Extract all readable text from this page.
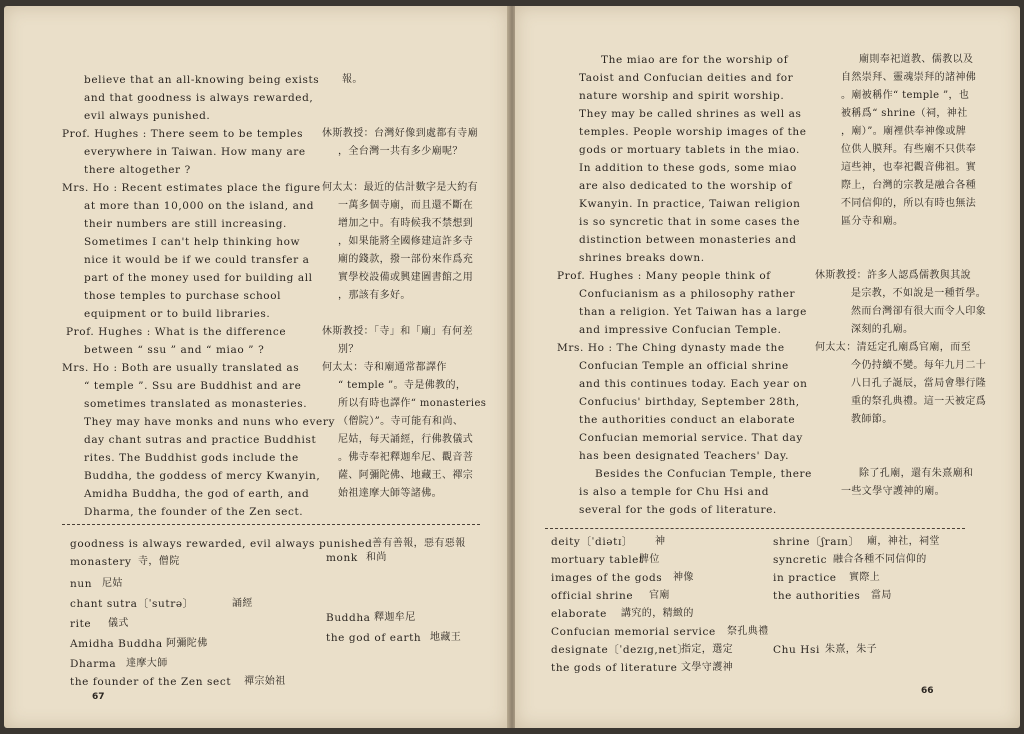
believe that an all-knowing being exists
and that goodness is always rewarded,
evil always punished.
Prof. Hughes : There seem to be temples
everywhere in Taiwan. How many are
there altogether ?
Mrs. Ho : Recent estimates place the figure
at more than 10,000 on the island, and
their numbers are still increasing.
Sometimes I can't help thinking how
nice it would be if we could transfer a
part of the money used for building all
those temples to purchase school
equipment or to build libraries.
Prof. Hughes : What is the difference
between “ ssu ” and “ miao ” ?
Mrs. Ho : Both are usually translated as
“ temple ”. Ssu are Buddhist and are
sometimes translated as monasteries.
They may have monks and nuns who every
day chant sutras and practice Buddhist
rites. The Buddhist gods include the
Buddha, the goddess of mercy Kwanyin,
Amidha Buddha, the god of earth, and
Dharma, the founder of the Zen sect.
報。
休斯教授：台灣好像到處都有寺廟
，全台灣一共有多少廟呢？
何太太：最近的估計數字是大約有
一萬多個寺廟，而且還不斷在
增加之中。有時候我不禁想到
，如果能將全國修建這許多寺
廟的錢款，撥一部份來作爲充
實學校設備或興建圖書館之用
，那該有多好。
休斯教授：「寺」和「廟」有何差
別？
何太太：寺和廟通常都譯作
“ temple ”。寺是佛教的，
所以有時也譯作“ monasteries
（僧院）”。寺可能有和尚、
尼姑，每天誦經，行佛教儀式
。佛寺奉祀釋迦牟尼、觀音菩
薩、阿彌陀佛、地藏王、禪宗
始祖達摩大師等諸佛。
goodness is always rewarded, evil always punished 善有善報，惡有惡報
monastery 寺，僧院
nun 尼姑
chant sutra〔ˈsutrə〕	誦經
rite 儀式
Amidha Buddha 阿彌陀佛
Dharma 達摩大師
the founder of the Zen sect 禪宗始祖
monk 和尚
Buddha 釋迦牟尼
the god of earth 地藏王
67
The miao are for the worship of
Taoist and Confucian deities and for
nature worship and spirit worship.
They may be called shrines as well as
temples. People worship images of the
gods or mortuary tablets in the miao.
In addition to these gods, some miao
are also dedicated to the worship of
Kwanyin. In practice, Taiwan religion
is so syncretic that in some cases the
distinction between monasteries and
shrines breaks down.
Prof. Hughes : Many people think of
Confucianism as a philosophy rather
than a religion. Yet Taiwan has a large
and impressive Confucian Temple.
Mrs. Ho : The Ching dynasty made the
Confucian Temple an official shrine
and this continues today. Each year on
Confucius' birthday, September 28th,
the authorities conduct an elaborate
Confucian memorial service. That day
has been designated Teachers' Day.
Besides the Confucian Temple, there
is also a temple for Chu Hsi and
several for the gods of literature.
廟則奉祀道教、儒教以及
自然崇拜、靈魂崇拜的諸神佛
。廟被稱作“ temple ”，也
被稱爲“ shrine（祠，神社
，廟）”。廟裡供奉神像或牌
位供人膜拜。有些廟不只供奉
這些神，也奉祀觀音佛祖。實
際上，台灣的宗教是融合各種
不同信仰的，所以有時也無法
區分寺和廟。
休斯教授：許多人認爲儒教與其說
是宗教，不如說是一種哲學。
然而台灣卻有很大而令人印象
深刻的孔廟。
何太太：清廷定孔廟爲官廟，而至
今仍持續不變。每年九月二十
八日孔子誕辰，當局會舉行隆
重的祭孔典禮。這一天被定爲
教師節。
除了孔廟，還有朱熹廟和
一些文學守護神的廟。
deity〔ˈdiətɪ〕 神
mortuary tablet
牌位
images of the gods 神像
official shrine 官廟
elaborate 講究的，精緻的
Confucian memorial service 祭孔典禮
designate〔ˈdezɪg,net〕
指定，選定
the gods of literature 文學守護神
shrine〔ʃraɪn〕 廟，神社，祠堂
syncretic 融合各種不同信仰的
in practice 實際上
the authorities 當局
Chu Hsi 朱熹，朱子
66
